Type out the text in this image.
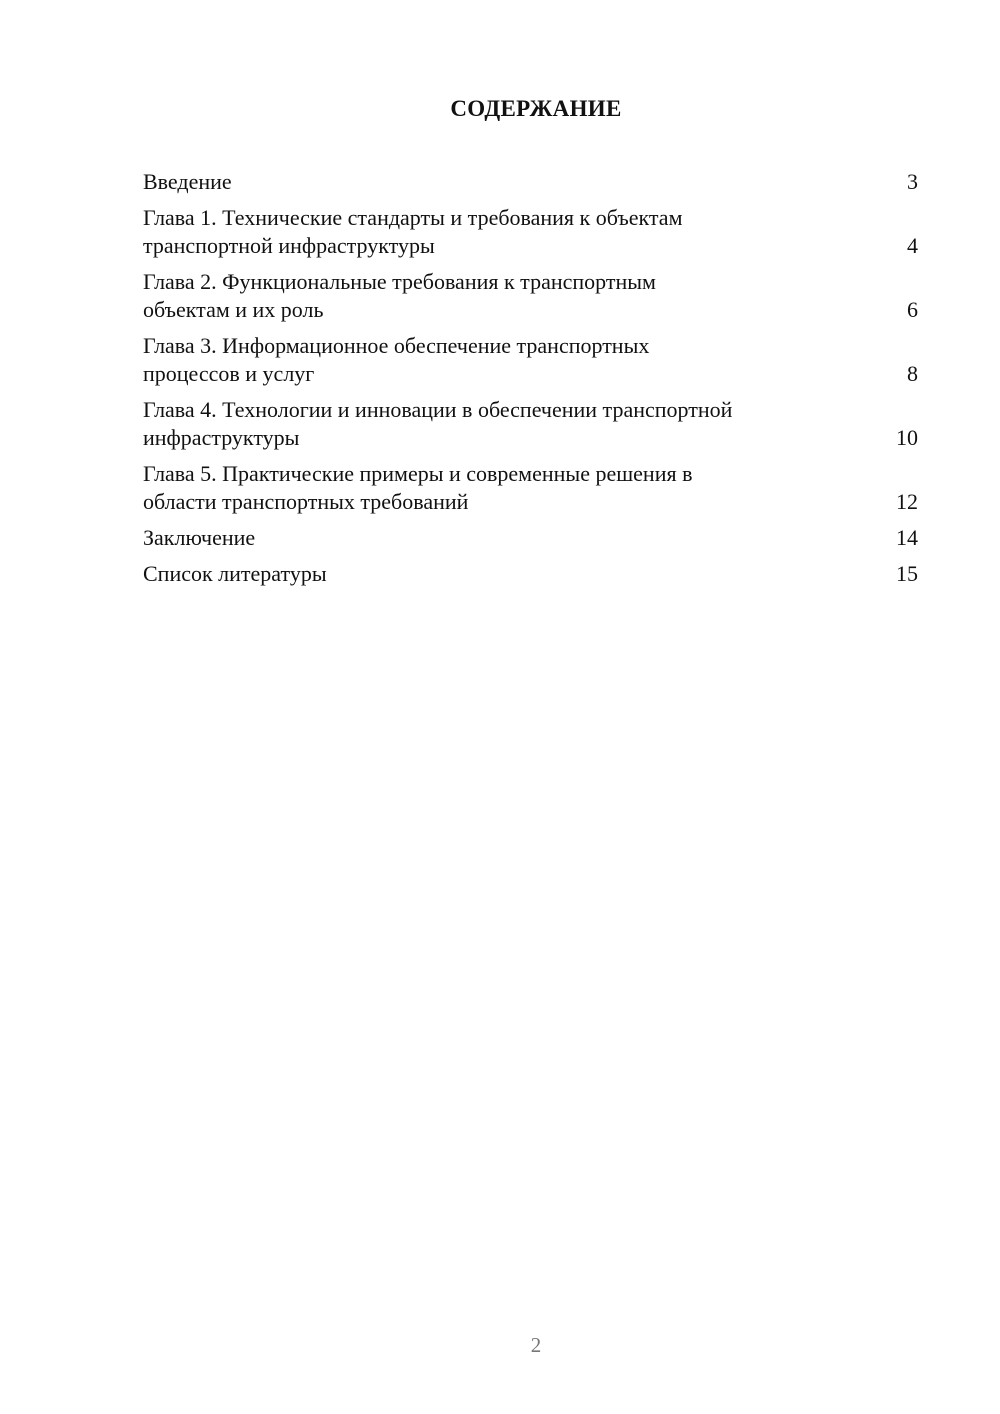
СОДЕРЖАНИЕ
Введение	3
Глава 1. Технические стандарты и требования к объектам
транспортной инфраструктуры	4
Глава 2. Функциональные требования к транспортным
объектам и их роль	6
Глава 3. Информационное обеспечение транспортных
процессов и услуг	8
Глава 4. Технологии и инновации в обеспечении транспортной
инфраструктуры	10
Глава 5. Практические примеры и современные решения в
области транспортных требований	12
Заключение	14
Список литературы	15
2
